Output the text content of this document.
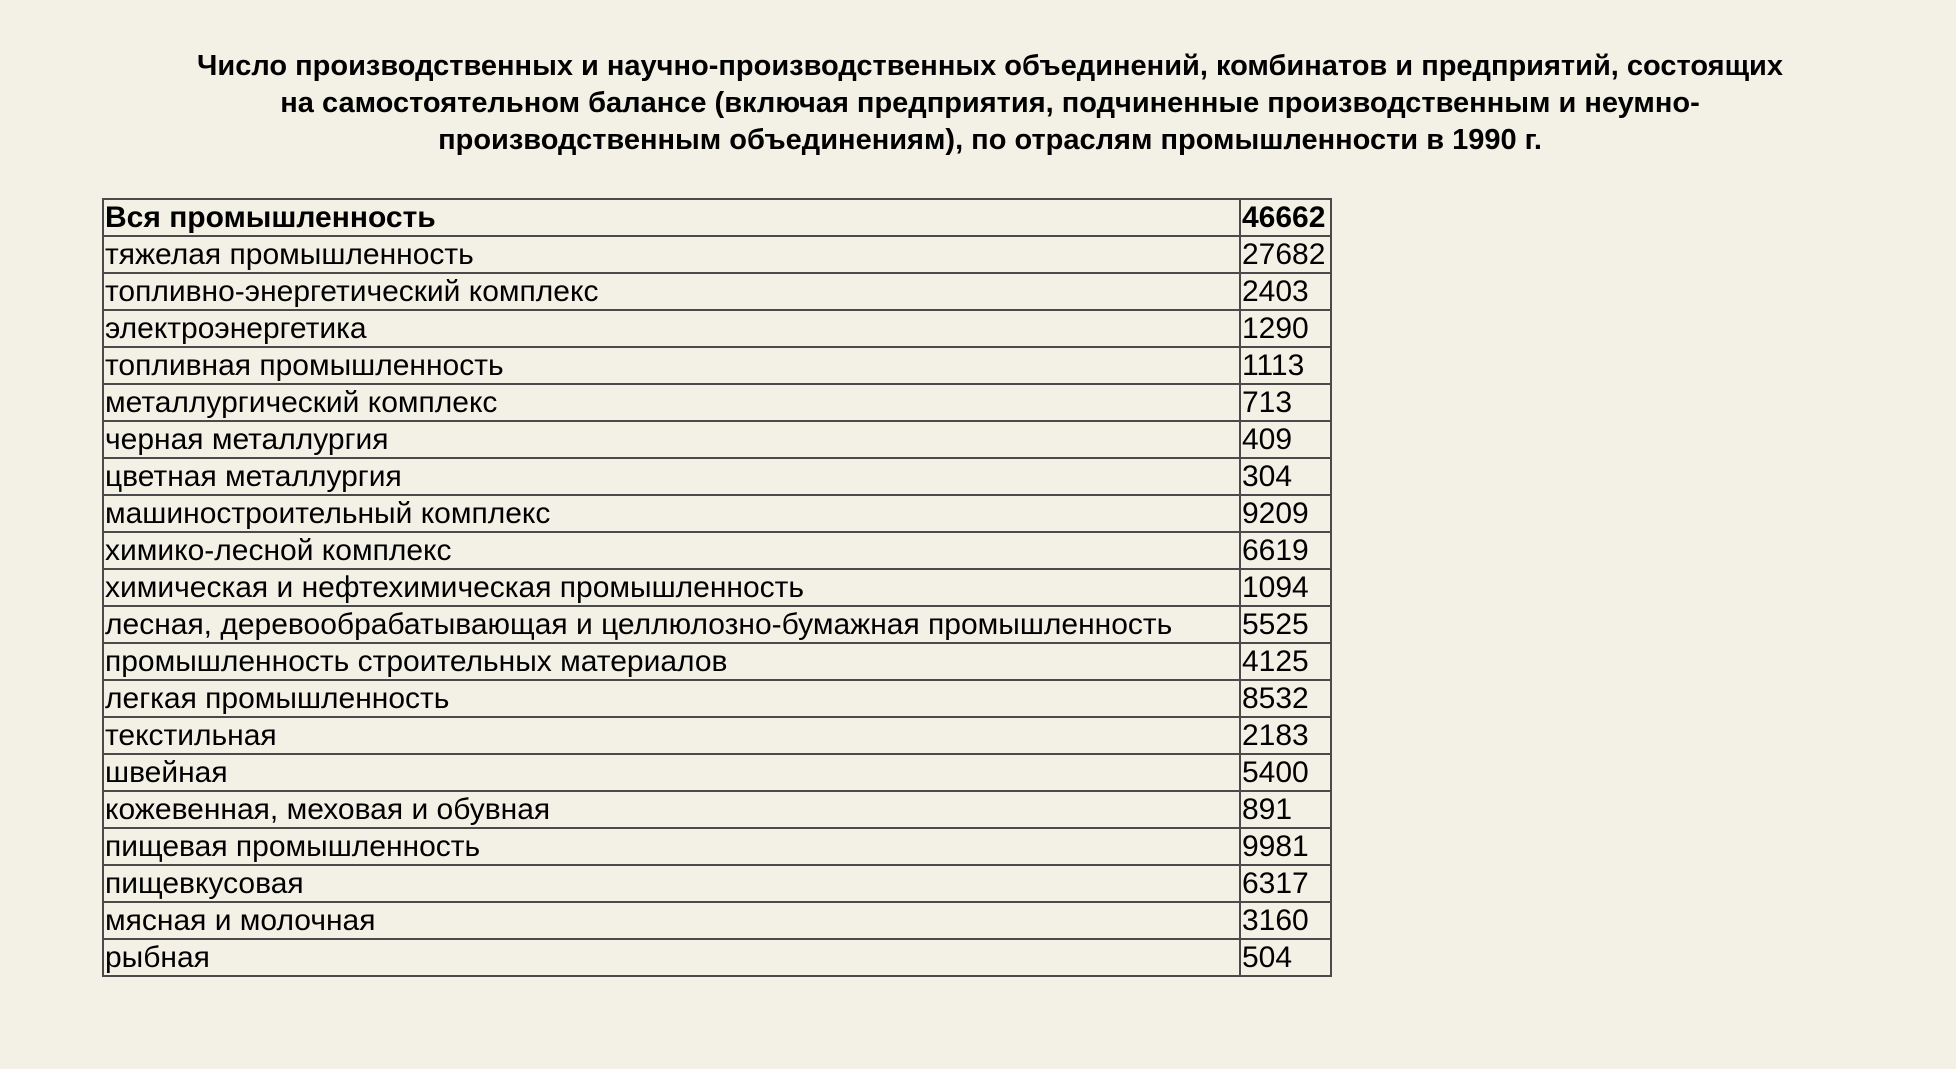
Число производственных и научно-производственных объединений, комбинатов и предприятий, состоящих
на самостоятельном балансе (включая предприятия, подчиненные производственным и неумно-
производственным объединениям), по отраслям промышленности в 1990 г.
Вся промышленность	46662
тяжелая промышленность	27682
топливно-энергетический комплекс	2403
электроэнергетика	1290
топливная промышленность	1113
металлургический комплекс	713
черная металлургия	409
цветная металлургия	304
машиностроительный комплекс	9209
химико-лесной комплекс	6619
химическая и нефтехимическая промышленность	1094
лесная, деревообрабатывающая и целлюлозно-бумажная промышленность	5525
промышленность строительных материалов	4125
легкая промышленность	8532
текстильная	2183
швейная	5400
кожевенная, меховая и обувная	891
пищевая промышленность	9981
пищевкусовая	6317
мясная и молочная	3160
рыбная	504
